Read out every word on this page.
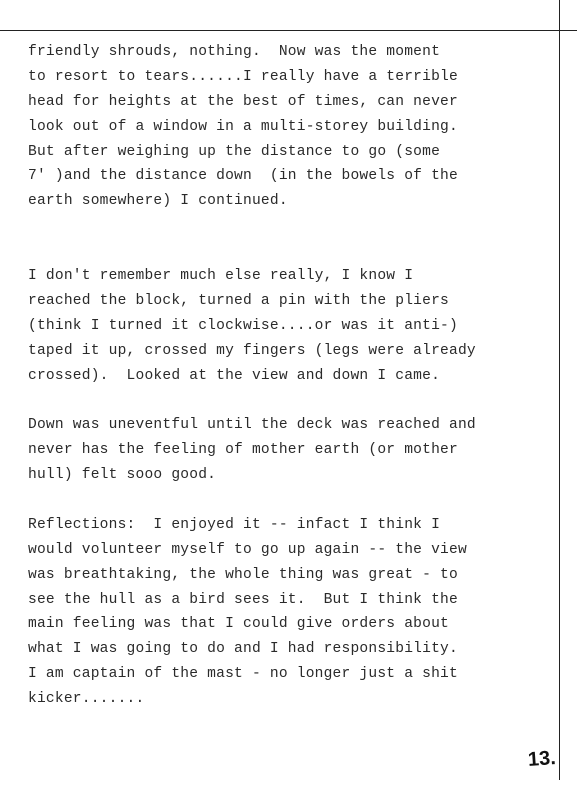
friendly shrouds, nothing.  Now was the moment
to resort to tears......I really have a terrible
head for heights at the best of times, can never
look out of a window in a multi-storey building.
But after weighing up the distance to go (some
7' )and the distance down  (in the bowels of the
earth somewhere) I continued.
I don't remember much else really, I know I
reached the block, turned a pin with the pliers
(think I turned it clockwise....or was it anti-)
taped it up, crossed my fingers (legs were already
crossed).  Looked at the view and down I came.
Down was uneventful until the deck was reached and
never has the feeling of mother earth (or mother
hull) felt sooo good.
Reflections:  I enjoyed it -- infact I think I
would volunteer myself to go up again -- the view
was breathtaking, the whole thing was great - to
see the hull as a bird sees it.  But I think the
main feeling was that I could give orders about
what I was going to do and I had responsibility.
I am captain of the mast - no longer just a shit
kicker.......
13.
